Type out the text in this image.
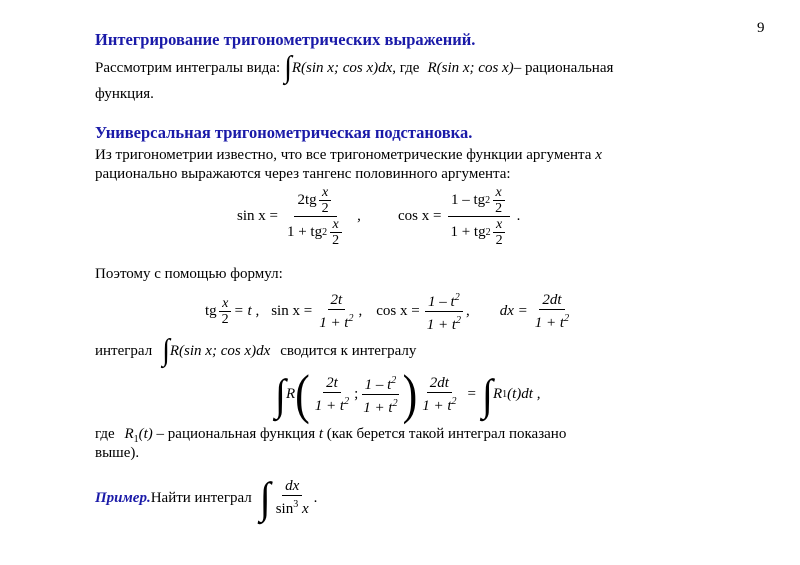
9
Интегрирование тригонометрических выражений.
Рассмотрим интегралы вида: ∫ R(sin x; cos x)dx , где R(sin x; cos x) – рациональная
функция.
Универсальная тригонометрическая подстановка.
Из тригонометрии известно, что все тригонометрические функции аргумента x
рационально выражаются через тангенс половинного аргумента:
$\sin x = \frac{2tg \frac{x}{2}}{1 + tg 2 \frac{x}{2}}$ , $\cos x = \frac{1 - tg 2 \frac{x}{2}}{1 + tg 2 \frac{x}{2}}$ .
Поэтому с помощью формул:
tg $\frac{x}{2} = t$ , $\sin x = \frac{2t}{1 + t^2}$ , $\cos x = \frac{1 - t^2}{1 + t^2}$ , dx = $\frac{2dt}{1 + t^2}$
интеграл ∫ R(sin x; cos x)dx сводится к интегралу
∫ R ( $\frac{2t}{1 + t^2}$ ; $\frac{1 - t^2}{1 + t^2}$ ) $\frac{2dt}{1 + t^2}$ = ∫ R 1 (t)dt ,
где $R_1(t)$ – рациональная функция t (как берется такой интеграл показано
выше).
Пример. Найти интеграл ∫ $\frac{dx}{\sin^3 x}$ .
